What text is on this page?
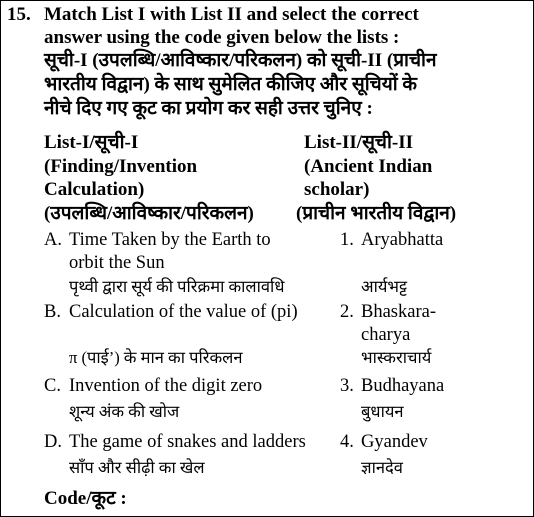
15. Match List I with List II and select the correct
answer using the code given below the lists :
सूची-I (उपलब्धि/आविष्कार/परिकलन) को सूची-II (प्राचीन
भारतीय विद्वान) के साथ सुमेलित कीजिए और सूचियों के
नीचे दिए गए कूट का प्रयोग कर सही उत्तर चुनिए :
List-I/सूची-I
(Finding/Invention
Calculation)
(उपलब्धि/आविष्कार/परिकलन)
List-II/सूची-II
(Ancient Indian
scholar)
(प्राचीन भारतीय विद्वान)
A. Time Taken by the Earth to
orbit the Sun
पृथ्वी द्वारा सूर्य की परिक्रमा कालावधि
B. Calculation of the value of (pi)
π (पाई’) के मान का परिकलन
C. Invention of the digit zero
शून्य अंक की खोज
D. The game of snakes and ladders
साँप और सीढ़ी का खेल
1. Aryabhatta
आर्यभट्ट
2. Bhaskara-
charya
भास्कराचार्य
3. Budhayana
बुधायन
4. Gyandev
ज्ञानदेव
Code/कूट :
